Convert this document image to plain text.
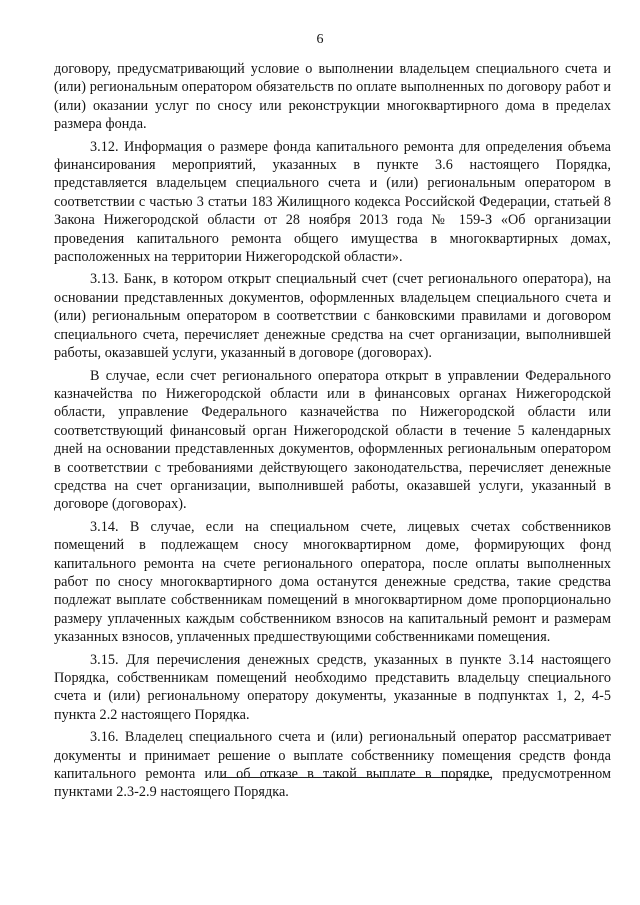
6

договору, предусматривающий условие о выполнении владельцем специального счета и (или) региональным оператором обязательств по оплате выполненных по договору работ и (или) оказании услуг по сносу или реконструкции многоквартирного дома в пределах размера фонда.

3.12. Информация о размере фонда капитального ремонта для определения объема финансирования мероприятий, указанных в пункте 3.6 настоящего Порядка, представляется владельцем специального счета и (или) региональным оператором в соответствии с частью 3 статьи 183 Жилищного кодекса Российской Федерации, статьей 8 Закона Нижегородской области от 28 ноября 2013 года № 159-З «Об организации проведения капитального ремонта общего имущества в многоквартирных домах, расположенных на территории Нижегородской области».

3.13. Банк, в котором открыт специальный счет (счет регионального оператора), на основании представленных документов, оформленных владельцем специального счета и (или) региональным оператором в соответствии с банковскими правилами и договором специального счета, перечисляет денежные средства на счет организации, выполнившей работы, оказавшей услуги, указанный в договоре (договорах).

В случае, если счет регионального оператора открыт в управлении Федерального казначейства по Нижегородской области или в финансовых органах Нижегородской области, управление Федерального казначейства по Нижегородской области или соответствующий финансовый орган Нижегородской области в течение 5 календарных дней на основании представленных документов, оформленных региональным оператором в соответствии с требованиями действующего законодательства, перечисляет денежные средства на счет организации, выполнившей работы, оказавшей услуги, указанный в договоре (договорах).

3.14. В случае, если на специальном счете, лицевых счетах собственников помещений в подлежащем сносу многоквартирном доме, формирующих фонд капитального ремонта на счете регионального оператора, после оплаты выполненных работ по сносу многоквартирного дома останутся денежные средства, такие средства подлежат выплате собственникам помещений в многоквартирном доме пропорционально размеру уплаченных каждым собственником взносов на капитальный ремонт и размерам указанных взносов, уплаченных предшествующими собственниками помещения.

3.15. Для перечисления денежных средств, указанных в пункте 3.14 настоящего Порядка, собственникам помещений необходимо представить владельцу специального счета и (или) региональному оператору документы, указанные в подпунктах 1, 2, 4-5 пункта 2.2 настоящего Порядка.

3.16. Владелец специального счета и (или) региональный оператор рассматривает документы и принимает решение о выплате собственнику помещения средств фонда капитального ремонта или об отказе в такой выплате в порядке, предусмотренном пунктами 2.3-2.9 настоящего Порядка.
